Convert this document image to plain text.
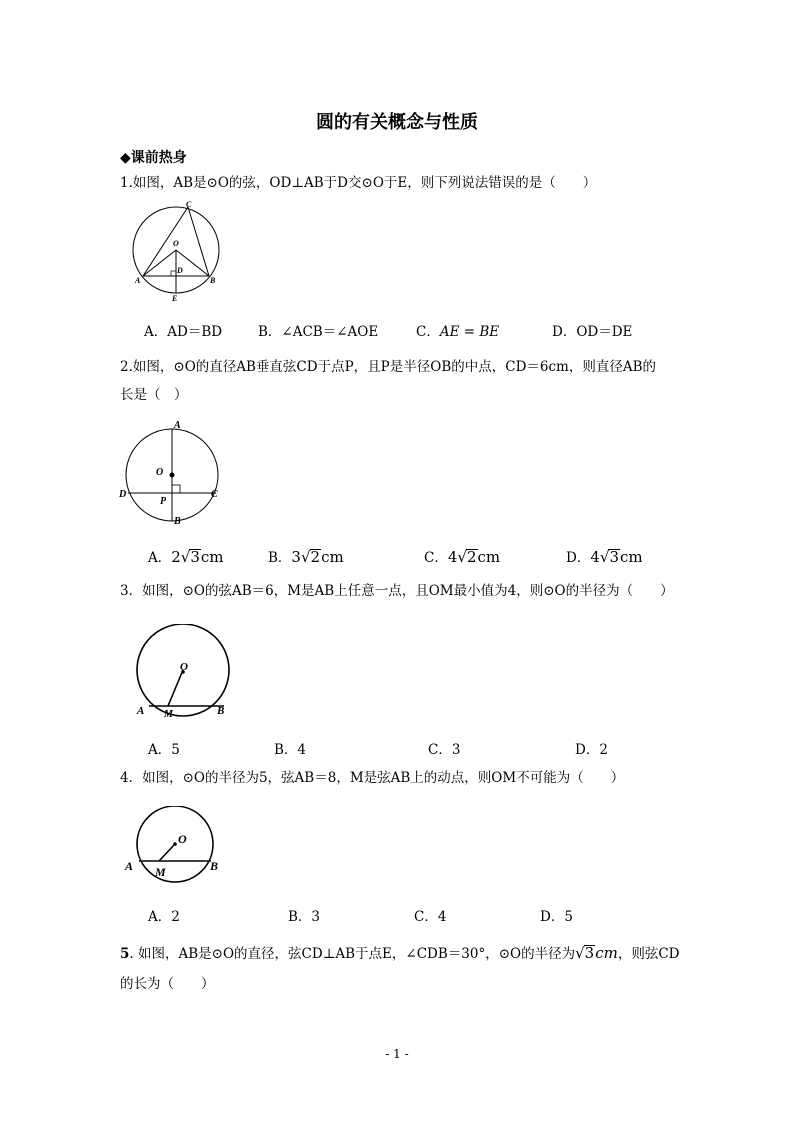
圆的有关概念与性质
◆课前热身
1.如图，AB是⊙O的弦，OD⊥AB于D交⊙O于E，则下列说法错误的是（　　）
C
O
D
A	B
E
A．AD＝BD	B．∠ACB＝∠AOE	C．AE = BE	D．OD＝DE
2.如图，⊙O的直径AB垂直弦CD于点P，且P是半径OB的中点，CD＝6cm，则直径AB的
长是（　）
A
O
D	C
P
B
A．2√3cm	B．3√2cm	C．4√2cm	D．4√3cm
3．如图，⊙O的弦AB＝6，M是AB上任意一点，且OM最小值为4，则⊙O的半径为（　　）
O
A M	B
A．5	B．4	C．3	D．2
4．如图，⊙O的半径为5，弦AB＝8，M是弦AB上的动点，则OM不可能为（　　）
O
A M	B
A．2	B．3	C．4	D．5
5. 如图，AB是⊙O的直径，弦CD⊥AB于点E，∠CDB＝30°，⊙O的半径为√3cm，则弦CD
的长为（　　）
- 1 -
